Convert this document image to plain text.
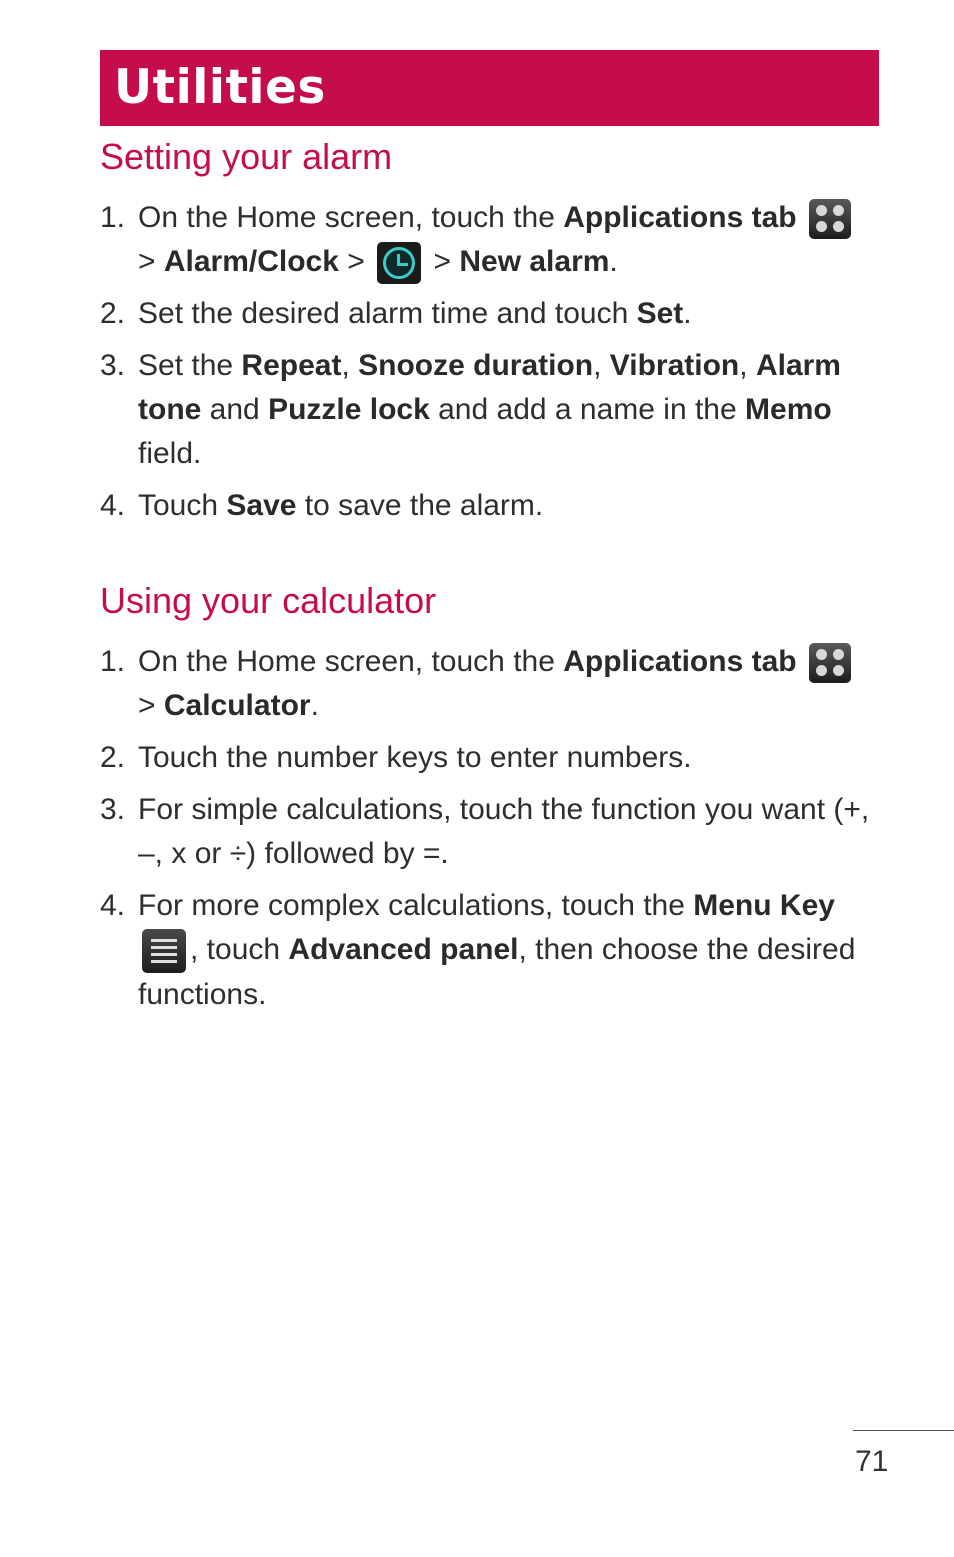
Utilities
Setting your alarm
1. On the Home screen, touch the Applications tab
> Alarm/Clock >  > New alarm.
2. Set the desired alarm time and touch Set.
3. Set the Repeat, Snooze duration, Vibration, Alarm tone and Puzzle lock and add a name in the Memo field.
4. Touch Save to save the alarm.
Using your calculator
1. On the Home screen, touch the Applications tab
> Calculator.
2. Touch the number keys to enter numbers.
3. For simple calculations, touch the function you want (+, –, x or ÷) followed by =.
4. For more complex calculations, touch the Menu Key
, touch Advanced panel, then choose the desired functions.
71
